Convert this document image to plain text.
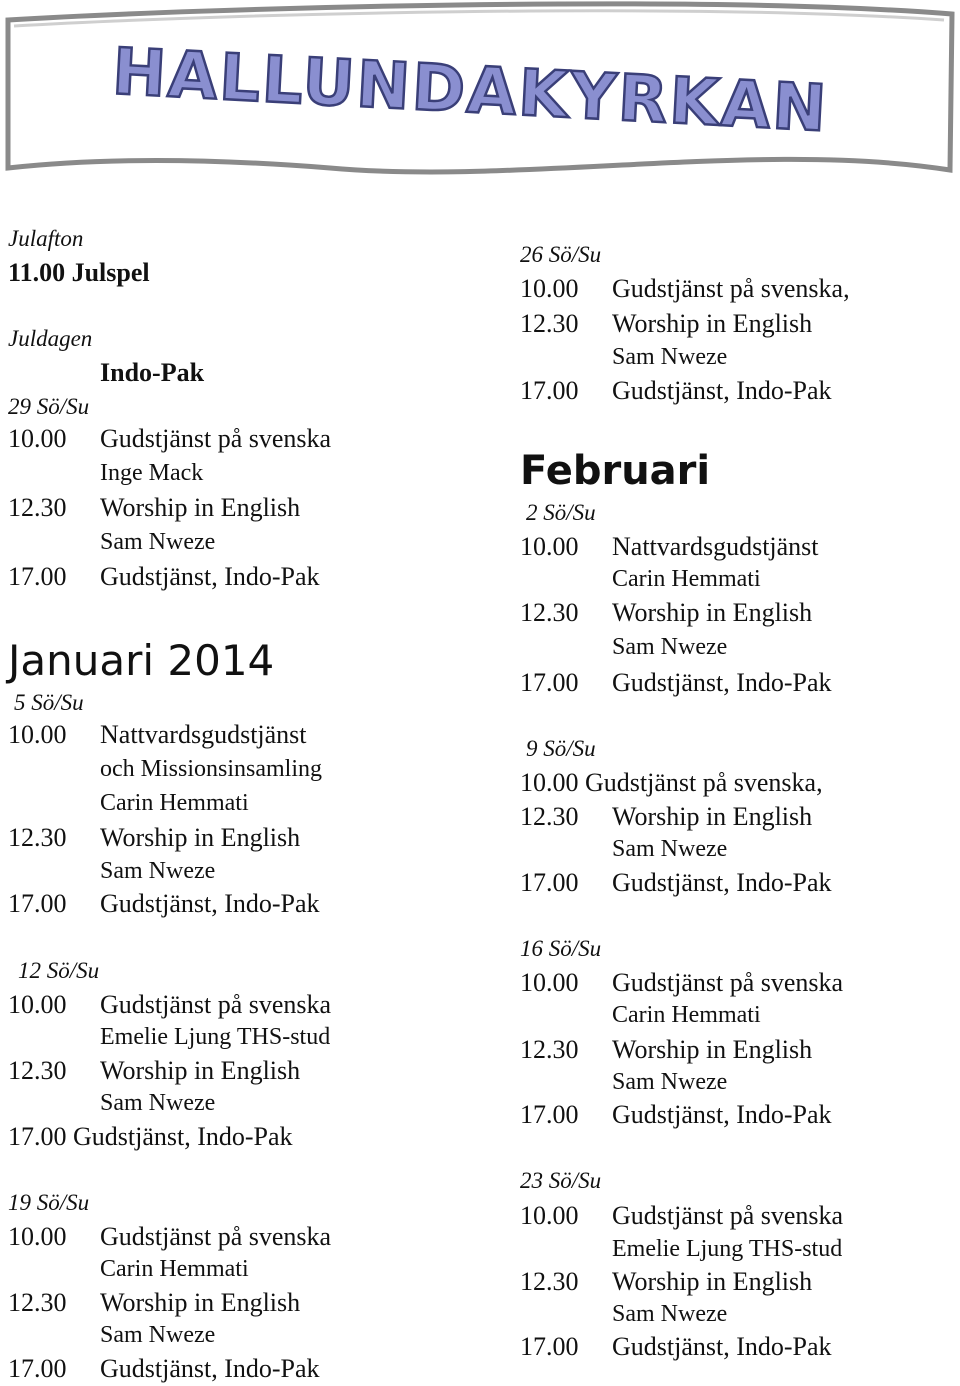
HALLUNDAKYRKAN
Julafton
11.00 Julspel
Juldagen
Indo-Pak
29 Sö/Su
10.00 Gudstjänst på svenska
Inge Mack
12.30 Worship in English
Sam Nweze
17.00 Gudstjänst, Indo-Pak
Januari 2014
5 Sö/Su
10.00 Nattvardsgudstjänst
och Missionsinsamling
Carin Hemmati
12.30 Worship in English
Sam Nweze
17.00 Gudstjänst, Indo-Pak
12 Sö/Su
10.00 Gudstjänst på svenska
Emelie Ljung THS-stud
12.30 Worship in English
Sam Nweze
17.00 Gudstjänst, Indo-Pak
19 Sö/Su
10.00 Gudstjänst på svenska
Carin Hemmati
12.30 Worship in English
Sam Nweze
17.00 Gudstjänst, Indo-Pak
26 Sö/Su
10.00 Gudstjänst på svenska,
12.30 Worship in English
Sam Nweze
17.00 Gudstjänst, Indo-Pak
Februari
2 Sö/Su
10.00 Nattvardsgudstjänst
Carin Hemmati
12.30 Worship in English
Sam Nweze
17.00 Gudstjänst, Indo-Pak
9 Sö/Su
10.00 Gudstjänst på svenska,
12.30 Worship in English
Sam Nweze
17.00 Gudstjänst, Indo-Pak
16 Sö/Su
10.00 Gudstjänst på svenska
Carin Hemmati
12.30 Worship in English
Sam Nweze
17.00 Gudstjänst, Indo-Pak
23 Sö/Su
10.00 Gudstjänst på svenska
Emelie Ljung THS-stud
12.30 Worship in English
Sam Nweze
17.00 Gudstjänst, Indo-Pak
